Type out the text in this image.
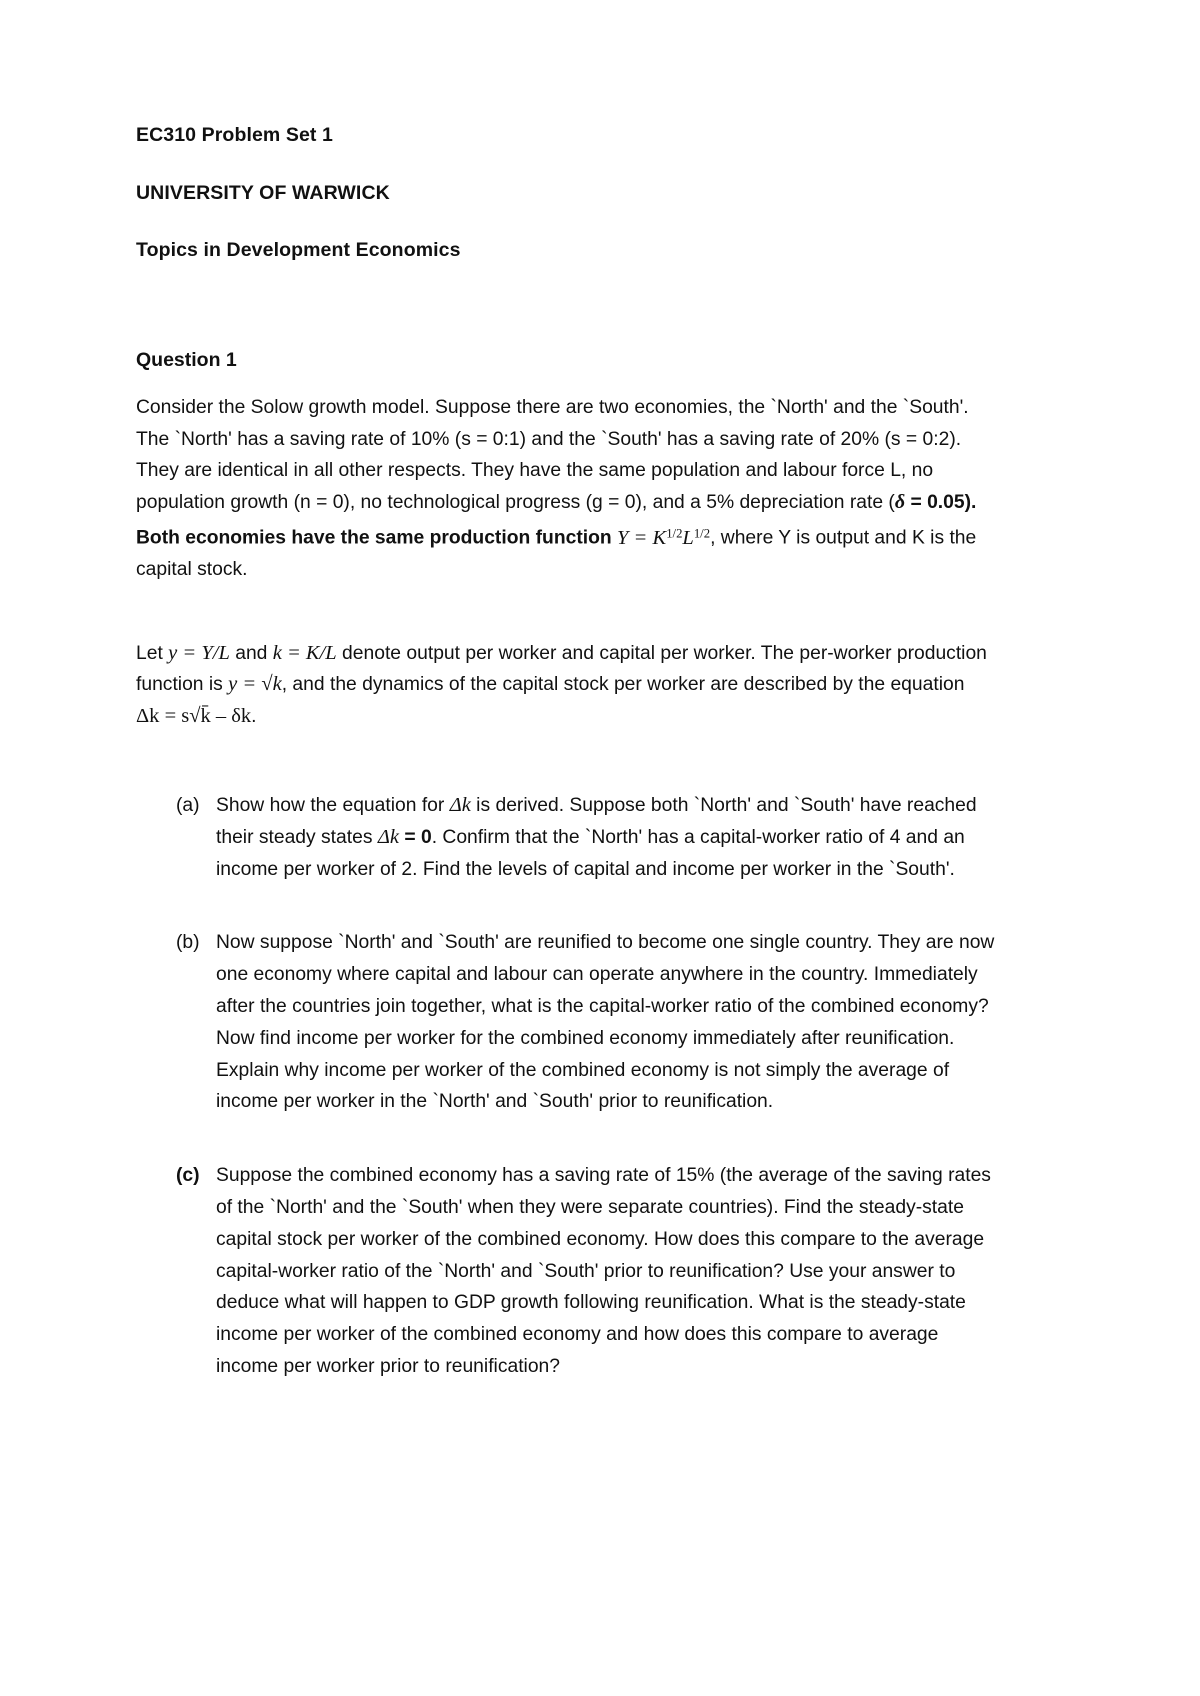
EC310 Problem Set 1
UNIVERSITY OF WARWICK
Topics in Development Economics
Question 1

Consider the Solow growth model. Suppose there are two economies, the `North' and the `South'. The `North' has a saving rate of 10% (s = 0:1) and the `South' has a saving rate of 20% (s = 0:2). They are identical in all other respects. They have the same population and labour force L, no population growth (n = 0), no technological progress (g = 0), and a 5% depreciation rate (δ = 0.05). Both economies have the same production function $Y = K^{1/2}L^{1/2}$, where Y is output and K is the capital stock.

Let y = Y/L and k = K/L denote output per worker and capital per worker. The per-worker production function is y = √k, and the dynamics of the capital stock per worker are described by the equation Δk = s√k̄ – δk.

(a) Show how the equation for Δk is derived. Suppose both `North' and `South' have reached their steady states Δk = 0. Confirm that the `North' has a capital-worker ratio of 4 and an income per worker of 2. Find the levels of capital and income per worker in the `South'.
(b) Now suppose `North' and `South' are reunified to become one single country. They are now one economy where capital and labour can operate anywhere in the country. Immediately after the countries join together, what is the capital-worker ratio of the combined economy? Now find income per worker for the combined economy immediately after reunification. Explain why income per worker of the combined economy is not simply the average of income per worker in the `North' and `South' prior to reunification.
(c) Suppose the combined economy has a saving rate of 15% (the average of the saving rates of the `North' and the `South' when they were separate countries). Find the steady-state capital stock per worker of the combined economy. How does this compare to the average capital-worker ratio of the `North' and `South' prior to reunification? Use your answer to deduce what will happen to GDP growth following reunification. What is the steady-state income per worker of the combined economy and how does this compare to average income per worker prior to reunification?
